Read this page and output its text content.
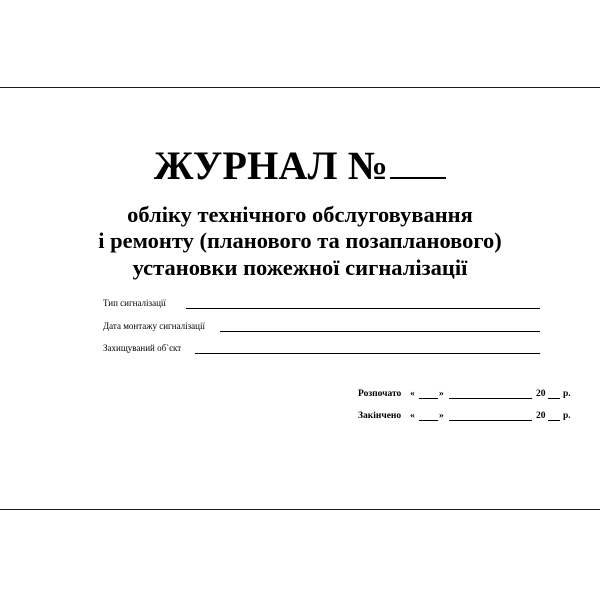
ЖУРНАЛ №
обліку технічного обслуговування
і ремонту (планового та позапланового)
установки пожежної сигналізації
Тип сигналізації
Дата монтажу сигналізації
Захищуваний об`єкт
Розпочато «	»	20 р.
Закінчено «	»	20 р.
